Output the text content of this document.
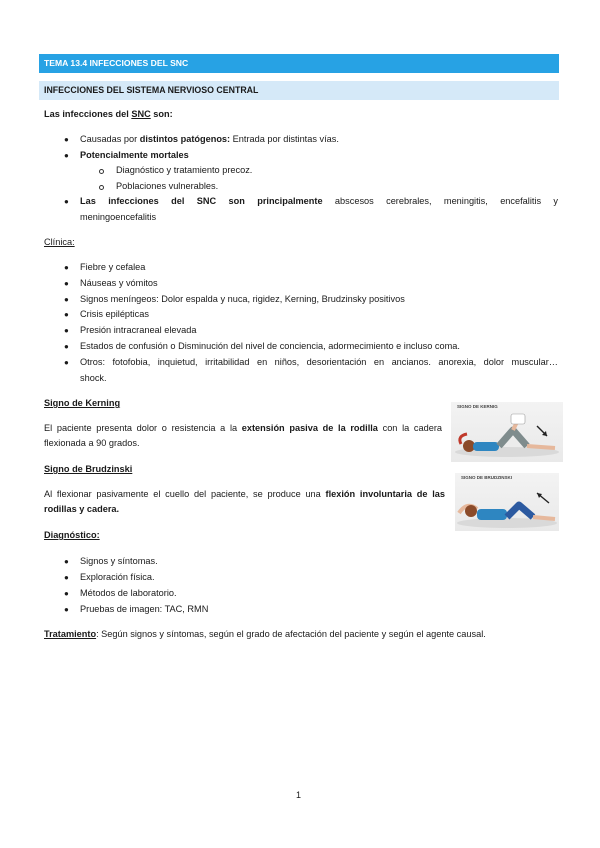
TEMA 13.4 INFECCIONES DEL SNC
INFECCIONES DEL SISTEMA NERVIOSO CENTRAL
Las infecciones del SNC son:
● Causadas por distintos patógenos: Entrada por distintas vías.
● Potencialmente mortales
Diagnóstico y tratamiento precoz.
Poblaciones vulnerables.
● Las infecciones del SNC son principalmente abscesos cerebrales, meningitis, encefalitis y
meningoencefalitis
Clínica:
● Fiebre y cefalea
● Náuseas y vómitos
● Signos meníngeos: Dolor espalda y nuca, rigidez, Kerning, Brudzinsky positivos
● Crisis epilépticas
● Presión intracraneal elevada
● Estados de confusión o Disminución del nivel de conciencia, adormecimiento e incluso coma.
● Otros: fotofobia, inquietud, irritabilidad en niños, desorientación en ancianos. anorexia, dolor muscular…
shock.
Signo de Kerning
El paciente presenta dolor o resistencia a la extensión pasiva de la rodilla con la cadera
flexionada a 90 grados.
SIGNO DE KERNIG
Signo de Brudzinski
Al flexionar pasivamente el cuello del paciente, se produce una flexión involuntaria de las
rodillas y cadera.
SIGNO DE BRUDZINSKI
Diagnóstico:
● Signos y síntomas.
● Exploración física.
● Métodos de laboratorio.
● Pruebas de imagen: TAC, RMN
Tratamiento: Según signos y síntomas, según el grado de afectación del paciente y según el agente causal.
1
